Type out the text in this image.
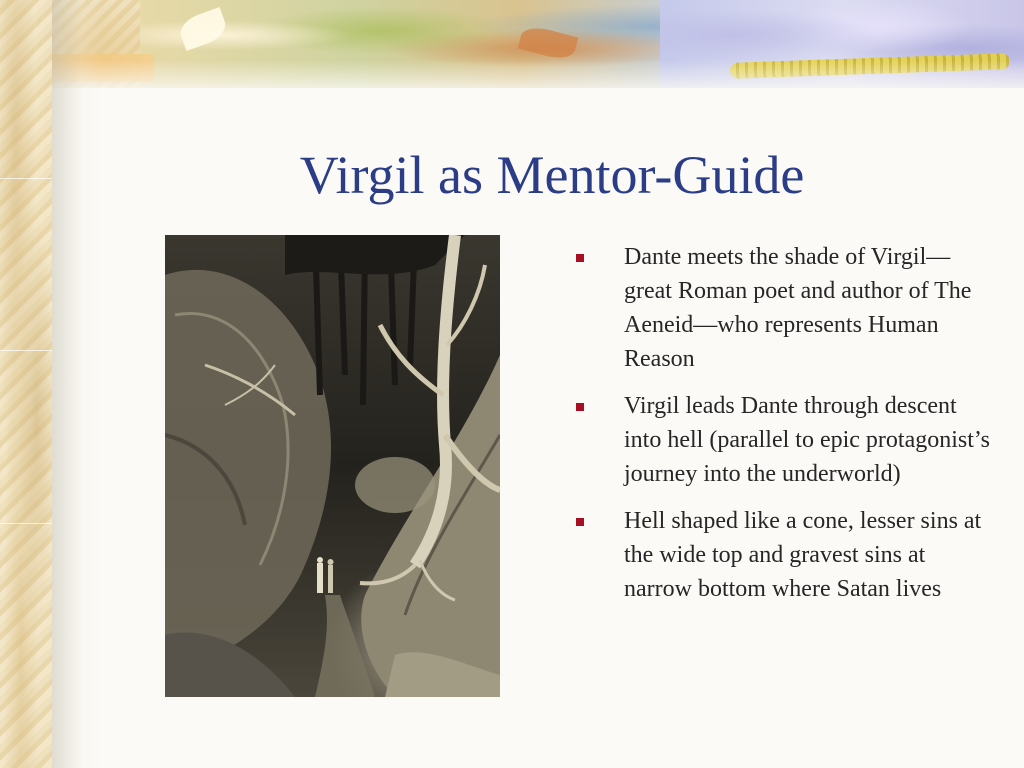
Virgil as Mentor-Guide
Dante meets the shade of Virgil—great Roman poet and author of The Aeneid—who represents Human Reason
Virgil leads Dante through descent into hell (parallel to epic protagonist’s journey into the underworld)
Hell shaped like a cone, lesser sins at the wide top and gravest sins at narrow bottom where Satan lives
